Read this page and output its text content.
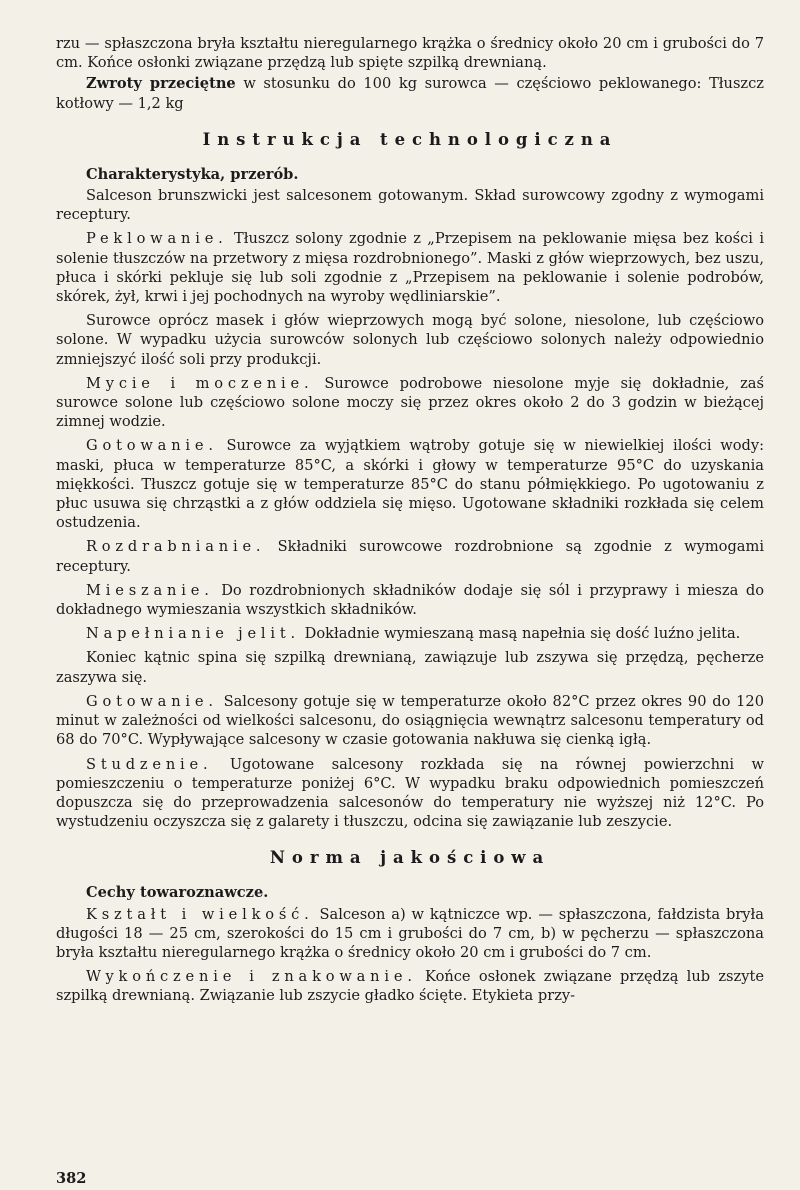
rzu — spłaszczona bryła kształtu nieregularnego krążka o średnicy około 20 cm i grubości do 7 cm. Końce osłonki związane przędzą lub spięte szpilką drewnianą.

Zwroty przeciętne w stosunku do 100 kg surowca — częściowo peklowanego: Tłuszcz kotłowy — 1,2 kg

Instrukcja technologiczna
Charakterystyka, przerób.

Salceson brunszwicki jest salcesonem gotowanym. Skład surowcowy zgodny z wymogami receptury.

Peklowanie. Tłuszcz solony zgodnie z „Przepisem na peklowanie mięsa bez kości i solenie tłuszczów na przetwory z mięsa rozdrobnionego”. Maski z głów wieprzowych, bez uszu, płuca i skórki pekluje się lub soli zgodnie z „Przepisem na peklowanie i solenie podrobów, skórek, żył, krwi i jej pochodnych na wyroby wędliniarskie”.

Surowce oprócz masek i głów wieprzowych mogą być solone, niesolone, lub częściowo solone. W wypadku użycia surowców solonych lub częściowo solonych należy odpowiednio zmniejszyć ilość soli przy produkcji.

Mycie i moczenie. Surowce podrobowe niesolone myje się dokładnie, zaś surowce solone lub częściowo solone moczy się przez okres około 2 do 3 godzin w bieżącej zimnej wodzie.

Gotowanie. Surowce za wyjątkiem wątroby gotuje się w niewielkiej ilości wody: maski, płuca w temperaturze 85°C, a skórki i głowy w temperaturze 95°C do uzyskania miękkości. Tłuszcz gotuje się w temperaturze 85°C do stanu półmiękkiego. Po ugotowaniu z płuc usuwa się chrząstki a z głów oddziela się mięso. Ugotowane składniki rozkłada się celem ostudzenia.

Rozdrabnianie. Składniki surowcowe rozdrobnione są zgodnie z wymogami receptury.

Mieszanie. Do rozdrobnionych składników dodaje się sól i przyprawy i miesza do dokładnego wymieszania wszystkich składników.

Napełnianie jelit. Dokładnie wymieszaną masą napełnia się dość luźno jelita.

Koniec kątnic spina się szpilką drewnianą, zawiązuje lub zszywa się przędzą, pęcherze zaszywa się.

Gotowanie. Salcesony gotuje się w temperaturze około 82°C przez okres 90 do 120 minut w zależności od wielkości salcesonu, do osiągnięcia wewnątrz salcesonu temperatury od 68 do 70°C. Wypływające salcesony w czasie gotowania nakłuwa się cienką igłą.

Studzenie. Ugotowane salcesony rozkłada się na równej powierzchni w pomieszczeniu o temperaturze poniżej 6°C. W wypadku braku odpowiednich pomieszczeń dopuszcza się do przeprowadzenia salcesonów do temperatury nie wyższej niż 12°C. Po wystudzeniu oczyszcza się z galarety i tłuszczu, odcina się zawiązanie lub zeszycie.

Norma jakościowa
Cechy towaroznawcze.

Kształt i wielkość. Salceson a) w kątniczce wp. — spłaszczona, fałdzista bryła długości 18 — 25 cm, szerokości do 15 cm i grubości do 7 cm, b) w pęcherzu — spłaszczona bryła kształtu nieregularnego krążka o średnicy około 20 cm i grubości do 7 cm.

Wykończenie i znakowanie. Końce osłonek związane przędzą lub zszyte szpilką drewnianą. Związanie lub zszycie gładko ścięte. Etykieta przy-

382
